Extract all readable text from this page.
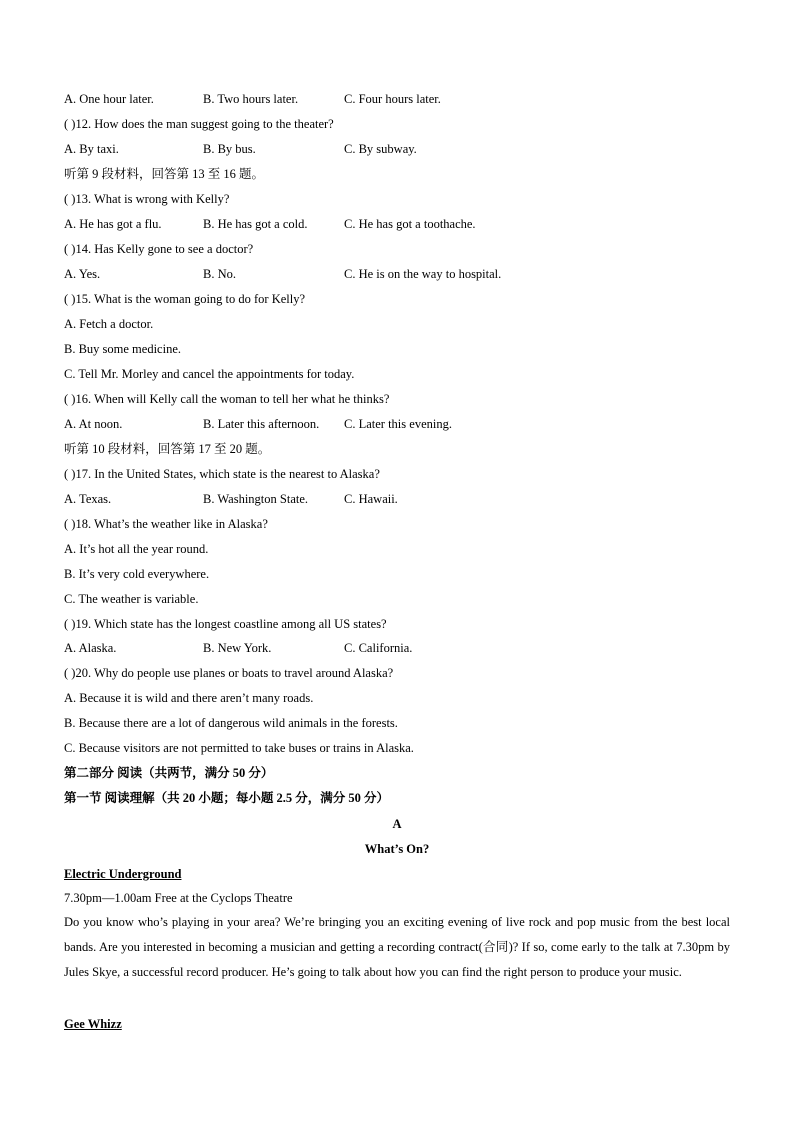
A. One hour later.	B. Two hours later.	C. Four hours later.
( )12. How does the man suggest going to the theater?
A. By taxi.	B. By bus.	C. By subway.
听第 9 段材料，回答第 13 至 16 题。
( )13. What is wrong with Kelly?
A. He has got a flu.	B. He has got a cold.	C. He has got a toothache.
( )14. Has Kelly gone to see a doctor?
A. Yes.	B. No.	C. He is on the way to hospital.
( )15. What is the woman going to do for Kelly?
A. Fetch a doctor.
B. Buy some medicine.
C. Tell Mr. Morley and cancel the appointments for today.
( )16. When will Kelly call the woman to tell her what he thinks?
A. At noon.	B. Later this afternoon. C. Later this evening.
听第 10 段材料，回答第 17 至 20 题。
( )17. In the United States, which state is the nearest to Alaska?
A. Texas.	B. Washington State.	C. Hawaii.
( )18. What’s the weather like in Alaska?
A. It’s hot all the year round.
B. It’s very cold everywhere.
C. The weather is variable.
( )19. Which state has the longest coastline among all US states?
A. Alaska.	B. New York.	C. California.
( )20. Why do people use planes or boats to travel around Alaska?
A. Because it is wild and there aren’t many roads.
B. Because there are a lot of dangerous wild animals in the forests.
C. Because visitors are not permitted to take buses or trains in Alaska.
第二部分 阅读（共两节，满分 50 分）
第一节 阅读理解（共 20 小题；每小题 2.5 分，满分 50 分）
A
What’s On?
Electric Underground
7.30pm—1.00am Free at the Cyclops Theatre
Do you know who’s playing in your area? We’re bringing you an exciting evening of live rock and pop music from the best local bands. Are you interested in becoming a musician and getting a recording contract(合同)? If so, come early to the talk at 7.30pm by Jules Skye, a successful record producer. He’s going to talk about how you can find the right person to produce your music.
Gee Whizz
